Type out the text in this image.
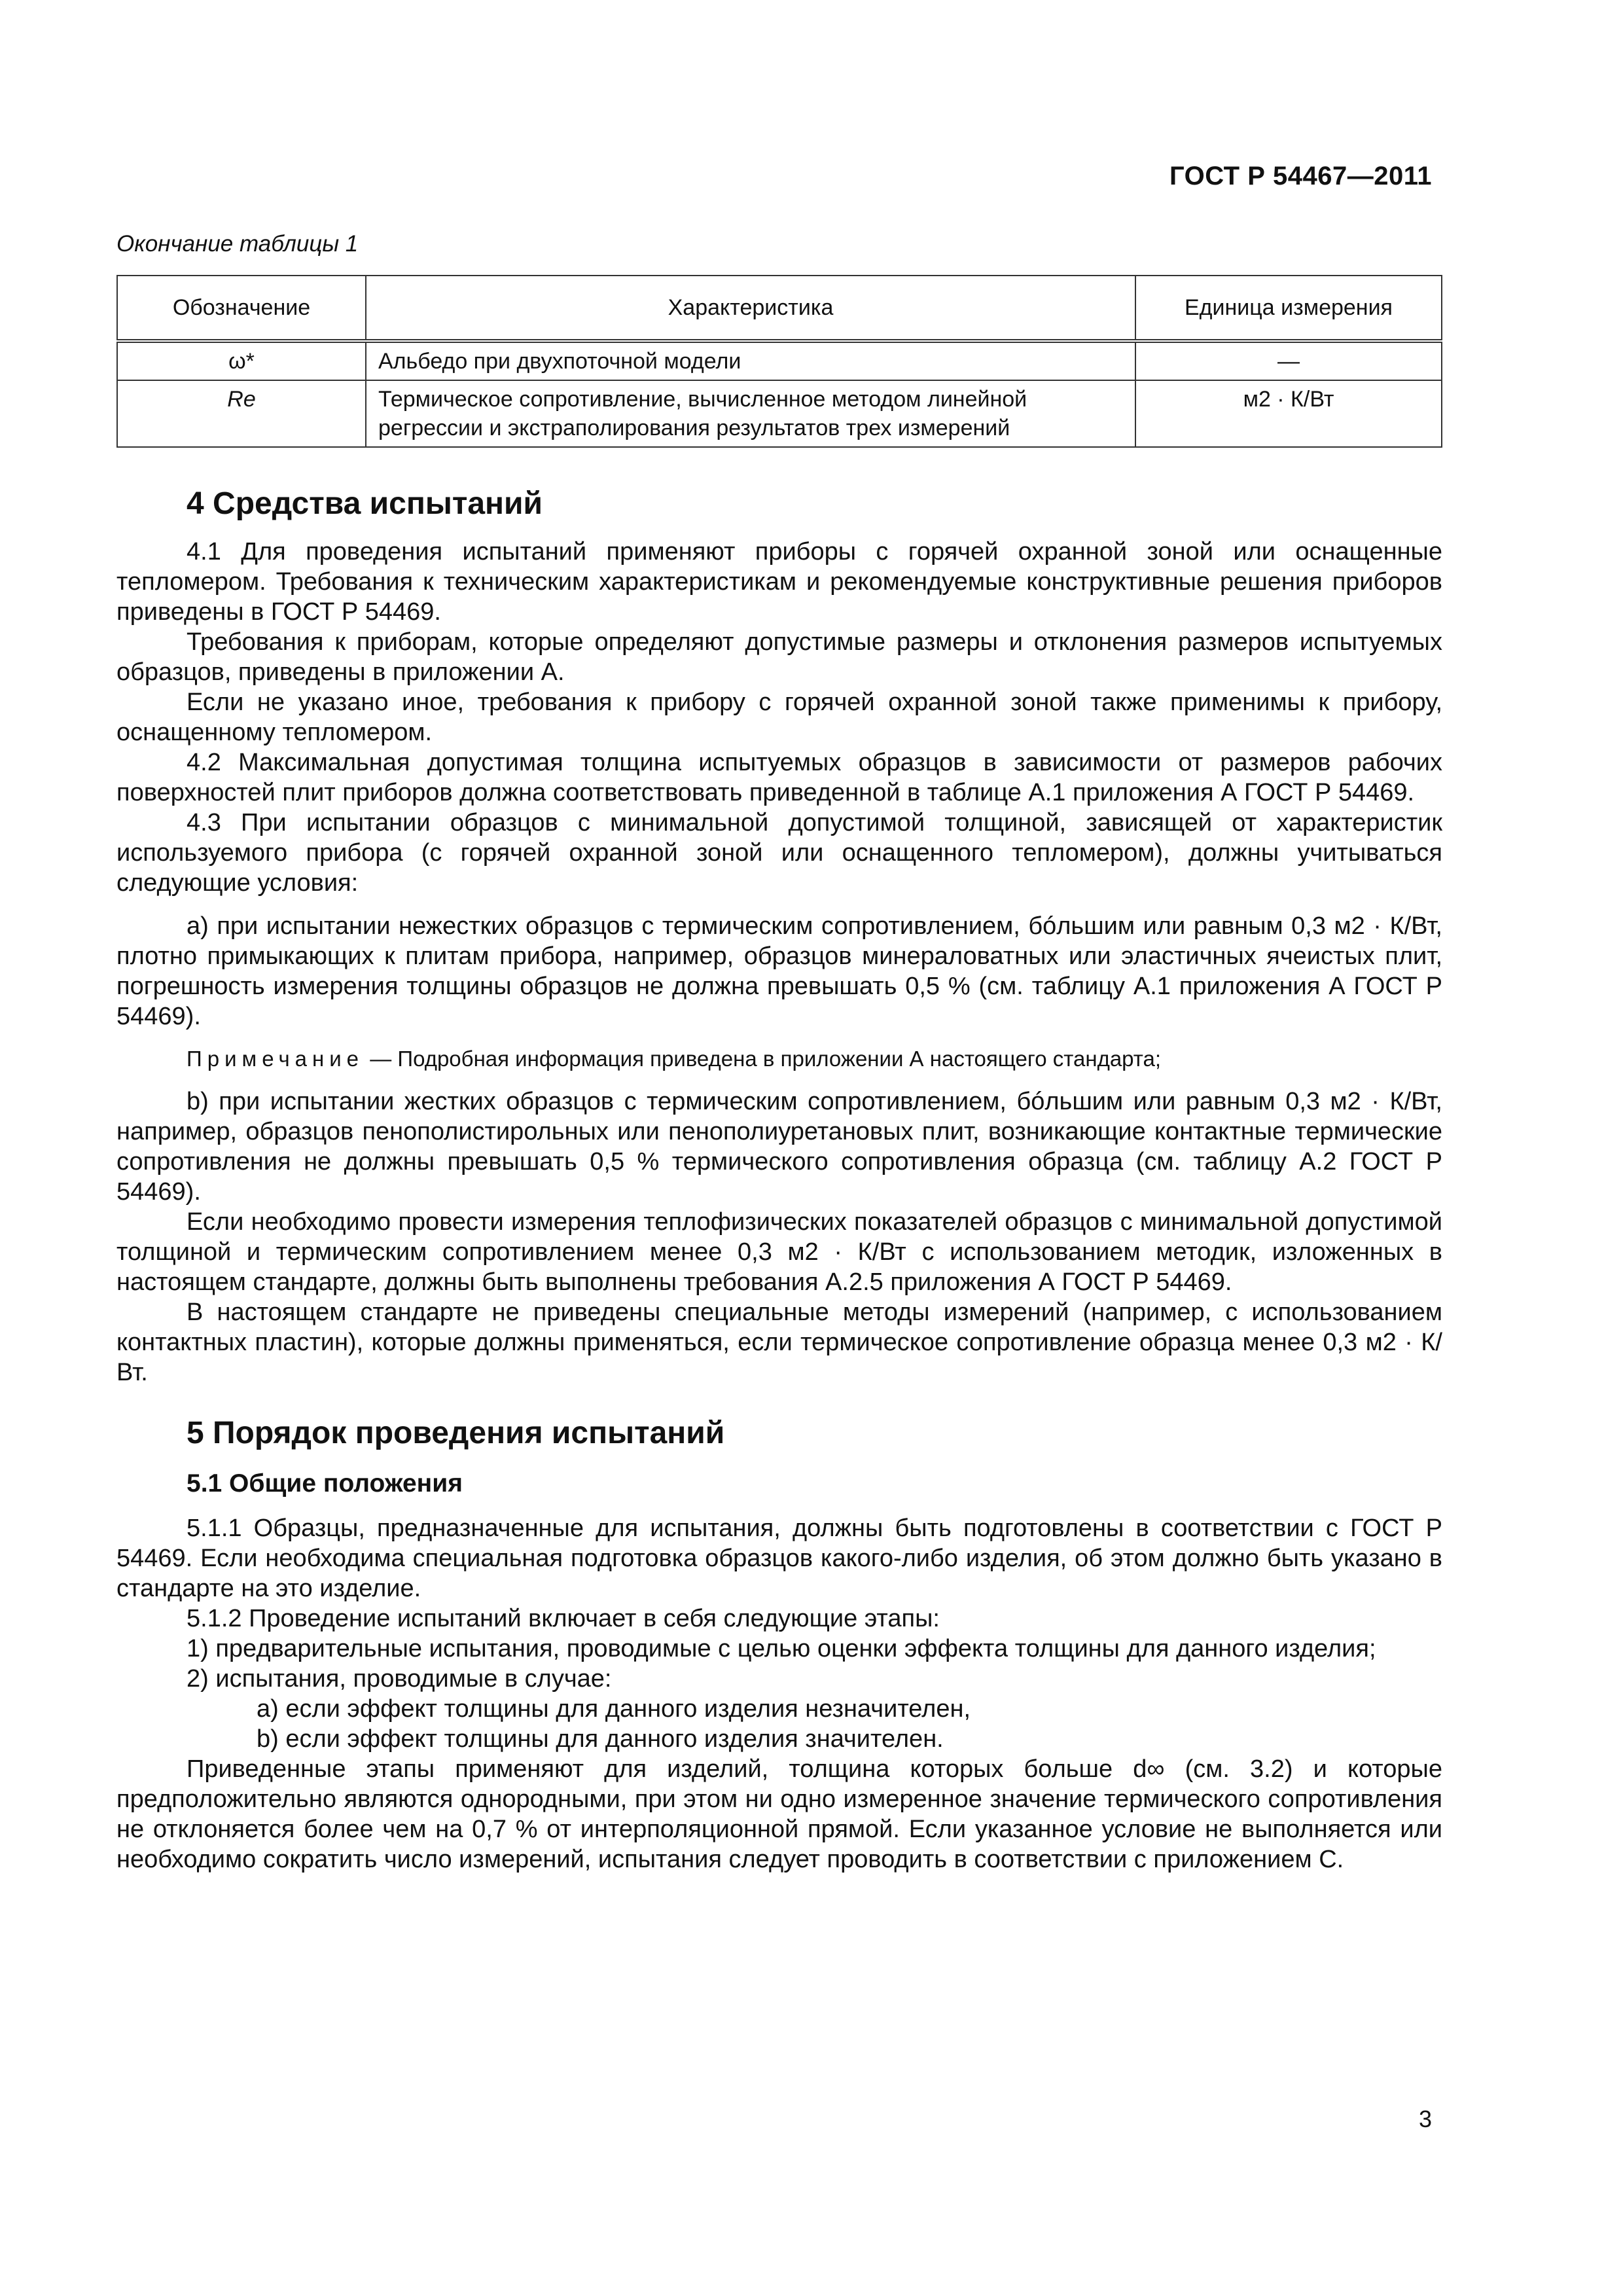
ГОСТ Р 54467—2011
Окончание таблицы 1
Обозначение	Характеристика	Единица измерения
ω*	Альбедо при двухпоточной модели	—
Re	Термическое сопротивление, вычисленное методом линейной регрессии и экстраполирования результатов трех измерений	м2 · К/Вт
4 Средства испытаний

4.1 Для проведения испытаний применяют приборы с горячей охранной зоной или оснащенные тепломером. Требования к техническим характеристикам и рекомендуемые конструктивные решения приборов приведены в ГОСТ Р 54469.

Требования к приборам, которые определяют допустимые размеры и отклонения размеров испытуемых образцов, приведены в приложении А.

Если не указано иное, требования к прибору с горячей охранной зоной также применимы к прибору, оснащенному тепломером.

4.2 Максимальная допустимая толщина испытуемых образцов в зависимости от размеров рабочих поверхностей плит приборов должна соответствовать приведенной в таблице А.1 приложения А ГОСТ Р 54469.

4.3 При испытании образцов с минимальной допустимой толщиной, зависящей от характеристик используемого прибора (с горячей охранной зоной или оснащенного тепломером), должны учитываться следующие условия:

а) при испытании нежестких образцов с термическим сопротивлением, бóльшим или равным 0,3 м2 · К/Вт, плотно примыкающих к плитам прибора, например, образцов минераловатных или эластичных ячеистых плит, погрешность измерения толщины образцов не должна превышать 0,5 % (см. таблицу А.1 приложения А ГОСТ Р 54469).

Примечание — Подробная информация приведена в приложении А настоящего стандарта;

b) при испытании жестких образцов с термическим сопротивлением, бóльшим или равным 0,3 м2 · К/Вт, например, образцов пенополистирольных или пенополиуретановых плит, возникающие контактные термические сопротивления не должны превышать 0,5 % термического сопротивления образца (см. таблицу А.2 ГОСТ Р 54469).

Если необходимо провести измерения теплофизических показателей образцов с минимальной допустимой толщиной и термическим сопротивлением менее 0,3 м2 · К/Вт с использованием методик, изложенных в настоящем стандарте, должны быть выполнены требования А.2.5 приложения А ГОСТ Р 54469.

В настоящем стандарте не приведены специальные методы измерений (например, с использованием контактных пластин), которые должны применяться, если термическое сопротивление образца менее 0,3 м2 · К/Вт.

5 Порядок проведения испытаний
5.1 Общие положения

5.1.1 Образцы, предназначенные для испытания, должны быть подготовлены в соответствии с ГОСТ Р 54469. Если необходима специальная подготовка образцов какого-либо изделия, об этом должно быть указано в стандарте на это изделие.

5.1.2 Проведение испытаний включает в себя следующие этапы:

1) предварительные испытания, проводимые с целью оценки эффекта толщины для данного изделия;

2) испытания, проводимые в случае:

а) если эффект толщины для данного изделия незначителен,

b) если эффект толщины для данного изделия значителен.

Приведенные этапы применяют для изделий, толщина которых больше d∞ (см. 3.2) и которые предположительно являются однородными, при этом ни одно измеренное значение термического сопротивления не отклоняется более чем на 0,7 % от интерполяционной прямой. Если указанное условие не выполняется или необходимо сократить число измерений, испытания следует проводить в соответствии с приложением С.

3
